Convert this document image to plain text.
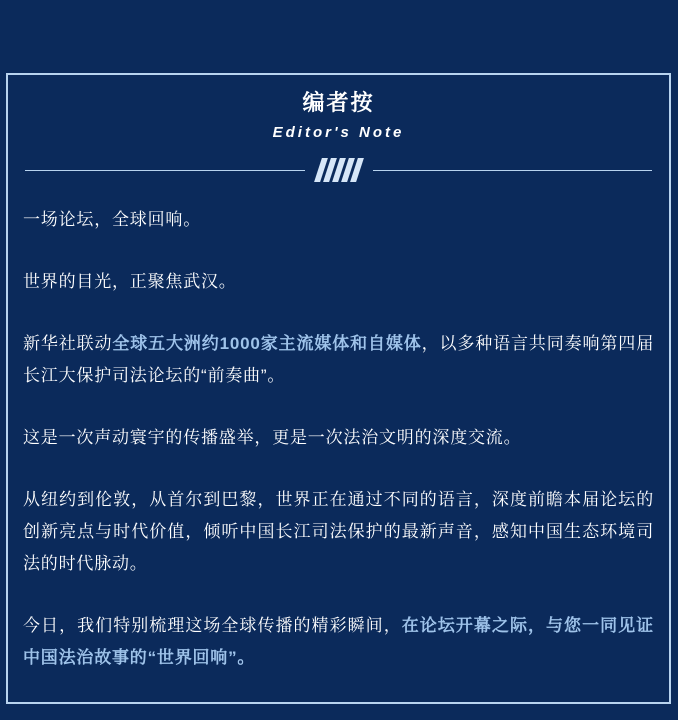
编者按
Editor's Note

一场论坛，全球回响。

世界的目光，正聚焦武汉。

新华社联动全球五大洲约1000家主流媒体和自媒体，以多种语言共同奏响第四届长江大保护司法论坛的“前奏曲”。

这是一次声动寰宇的传播盛举，更是一次法治文明的深度交流。

从纽约到伦敦，从首尔到巴黎，世界正在通过不同的语言，深度前瞻本届论坛的创新亮点与时代价值，倾听中国长江司法保护的最新声音，感知中国生态环境司法的时代脉动。

今日，我们特别梳理这场全球传播的精彩瞬间，在论坛开幕之际，与您一同见证中国法治故事的“世界回响”。
